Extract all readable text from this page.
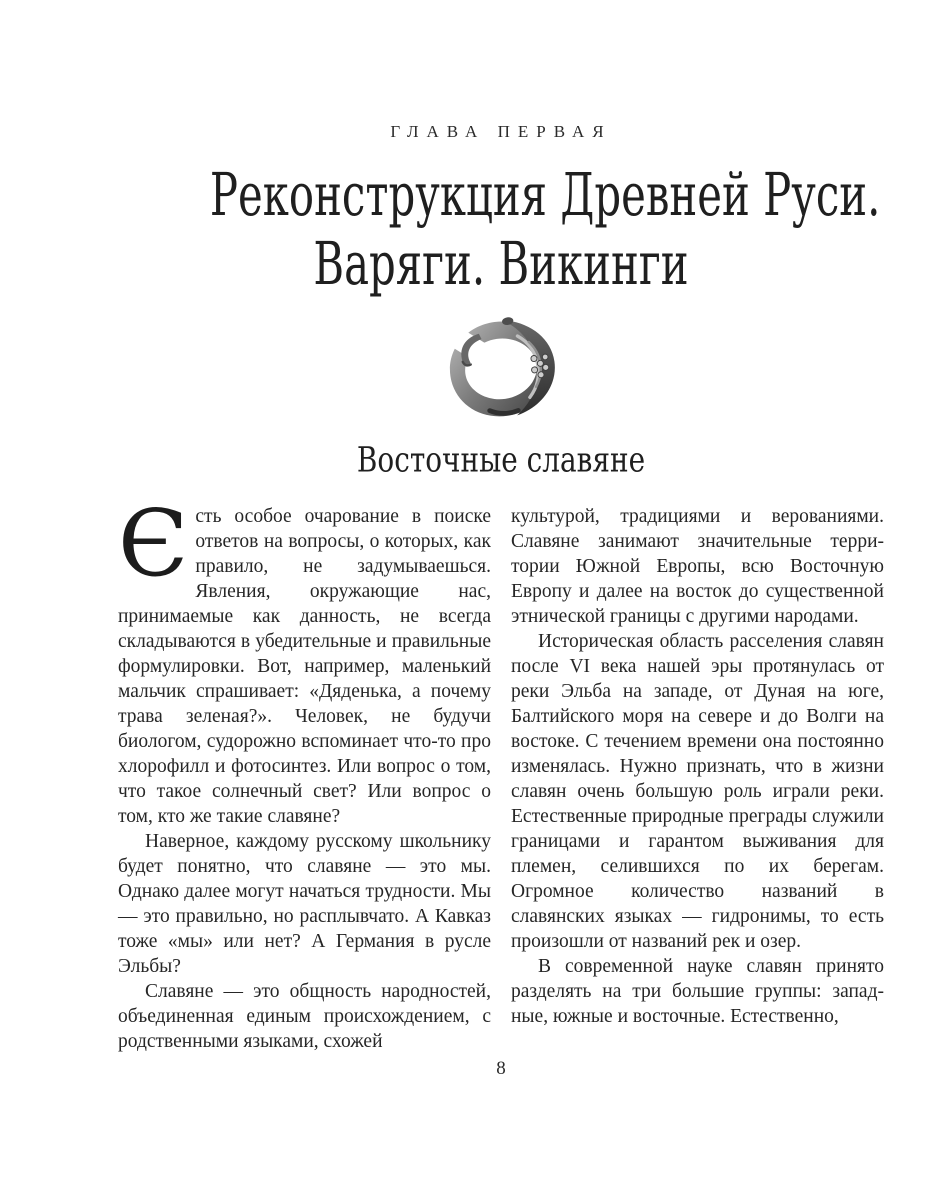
ГЛАВА ПЕРВАЯ
Реконструкция Древней Руси.
Варяги. Викинги
Восточные славяне

Єсть особое очарование в поиске ответов на вопросы, о которых, как правило, не задумываешься. Явления, окружающие нас, принимаемые как данность, не всегда складываются в убедительные и правильные формулировки. Вот, например, маленький мальчик спрашивает: «Дяденька, а почему трава зеленая?». Человек, не будучи биологом, судорожно вспоминает что-то про хлорофилл и фотосинтез. Или вопрос о том, что такое солнечный свет? Или вопрос о том, кто же такие славяне?

Наверное, каждому русскому школьнику будет понятно, что славяне — это мы. Однако далее могут начаться трудности. Мы — это правильно, но расплывчато. А Кавказ тоже «мы» или нет? А Германия в русле Эльбы?

Славяне — это общность народностей, объединенная единым происхождением, с родственными языками, схожей

культурой, традициями и верованиями. Славяне занимают значительные территории Южной Европы, всю Восточную Европу и далее на восток до существенной этнической границы с другими народами.

Историческая область расселения славян после VI века нашей эры протянулась от реки Эльба на западе, от Дуная на юге, Балтийского моря на севере и до Волги на востоке. С течением времени она постоянно изменялась. Нужно признать, что в жизни славян очень большую роль играли реки. Естественные природные преграды служили границами и гарантом выживания для племен, селившихся по их берегам. Огромное количество названий в славянских языках — гидронимы, то есть произошли от названий рек и озер.

В современной науке славян принято разделять на три большие группы: западные, южные и восточные. Естественно,

8
